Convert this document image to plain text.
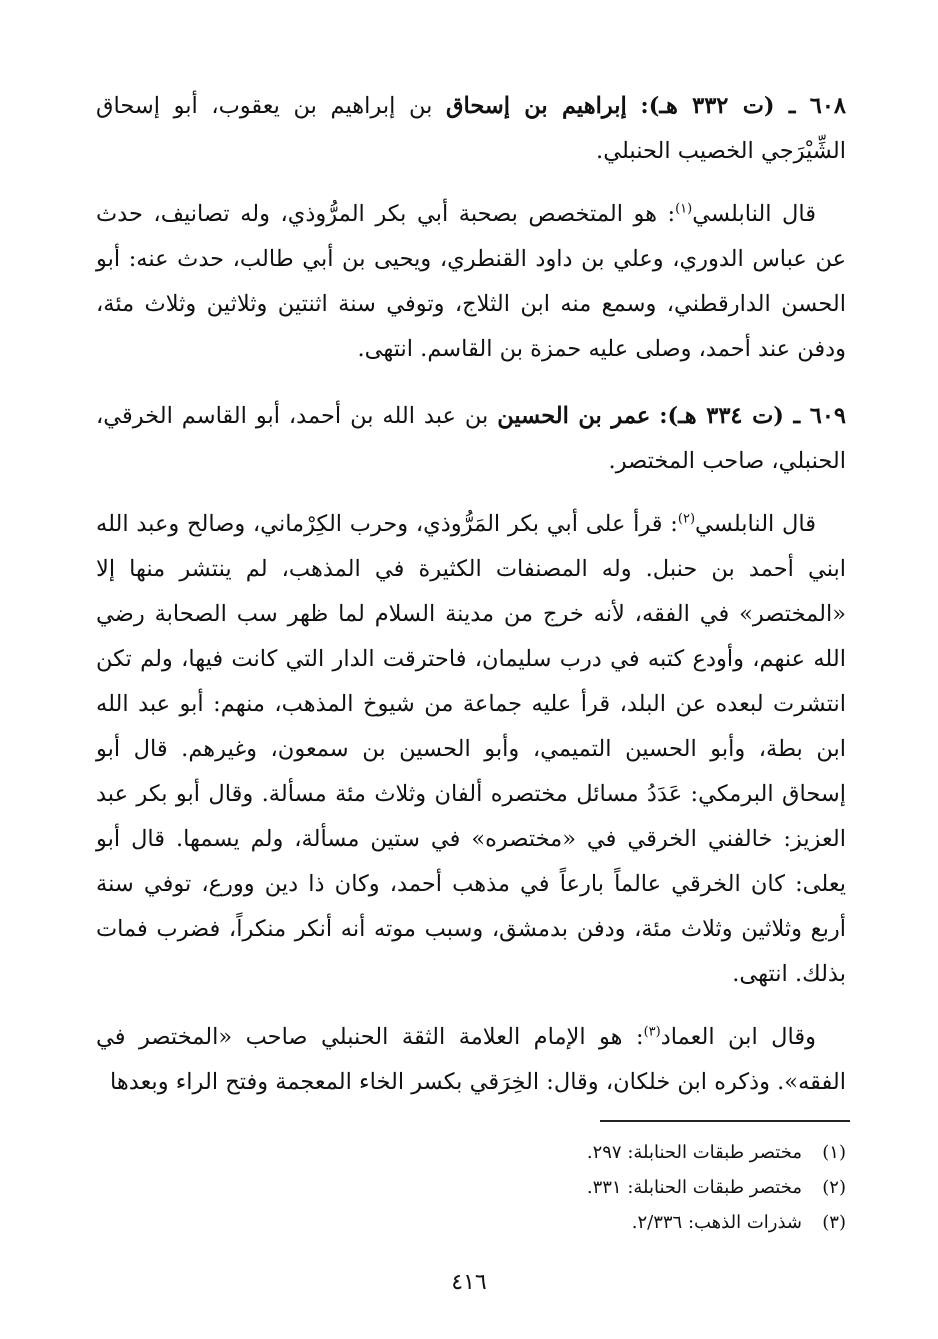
٦٠٨ ـ (ت ٣٣٢ هـ): إبراهيم بن إسحاق بن إبراهيم بن يعقوب، أبو إسحاق الشِّيْرَجي الخصيب الحنبلي.

قال النابلسي$^{(١)}$: هو المتخصص بصحبة أبي بكر المرُّوذي، وله تصانيف، حدث عن عباس الدوري، وعلي بن داود القنطري، ويحيى بن أبي طالب، حدث عنه: أبو الحسن الدارقطني، وسمع منه ابن الثلاج، وتوفي سنة اثنتين وثلاثين وثلاث مئة، ودفن عند أحمد، وصلى عليه حمزة بن القاسم. انتهى.

٦٠٩ ـ (ت ٣٣٤ هـ): عمر بن الحسين بن عبد الله بن أحمد، أبو القاسم الخرقي، الحنبلي، صاحب المختصر.

قال النابلسي$^{(٢)}$: قرأ على أبي بكر المَرُّوذي، وحرب الكِرْماني، وصالح وعبد الله ابني أحمد بن حنبل. وله المصنفات الكثيرة في المذهب، لم ينتشر منها إلا «المختصر» في الفقه، لأنه خرج من مدينة السلام لما ظهر سب الصحابة رضي الله عنهم، وأودع كتبه في درب سليمان، فاحترقت الدار التي كانت فيها، ولم تكن انتشرت لبعده عن البلد، قرأ عليه جماعة من شيوخ المذهب، منهم: أبو عبد الله ابن بطة، وأبو الحسين التميمي، وأبو الحسين بن سمعون، وغيرهم. قال أبو إسحاق البرمكي: عَدَدُ مسائل مختصره ألفان وثلاث مئة مسألة. وقال أبو بكر عبد العزيز: خالفني الخرقي في «مختصره» في ستين مسألة، ولم يسمها. قال أبو يعلى: كان الخرقي عالماً بارعاً في مذهب أحمد، وكان ذا دين وورع، توفي سنة أربع وثلاثين وثلاث مئة، ودفن بدمشق، وسبب موته أنه أنكر منكراً، فضرب فمات بذلك. انتهى.

وقال ابن العماد$^{(٣)}$: هو الإمام العلامة الثقة الحنبلي صاحب «المختصر في الفقه». وذكره ابن خلكان، وقال: الخِرَقي بكسر الخاء المعجمة وفتح الراء وبعدها

(١)مختصر طبقات الحنابلة: ٢٩٧.
(٢)مختصر طبقات الحنابلة: ٣٣١.
(٣)شذرات الذهب: ٢/٣٣٦.
٤١٦
